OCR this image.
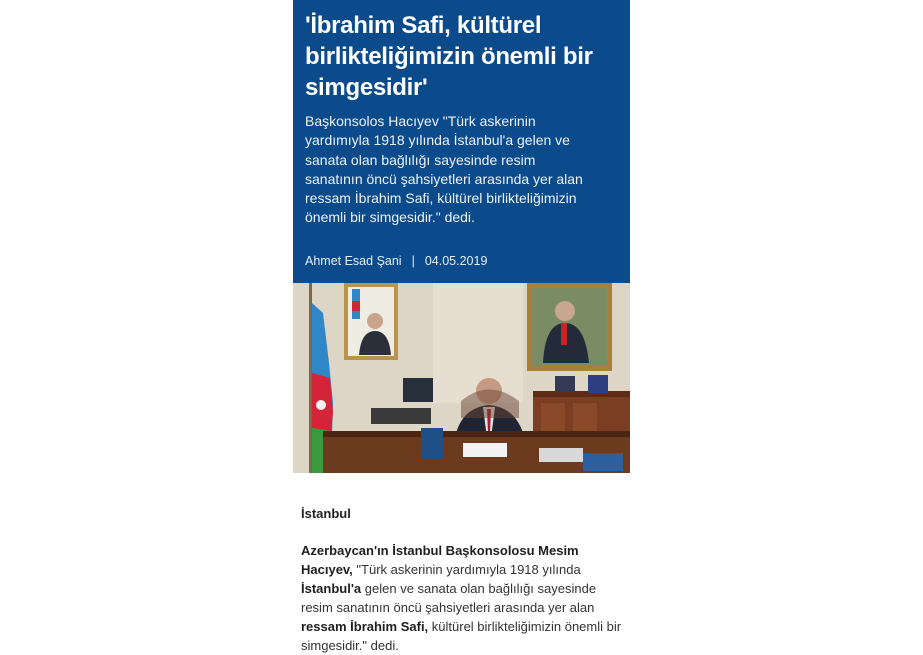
'İbrahim Safi, kültürel birlikteliğimizin önemli bir simgesidir'

Başkonsolos Hacıyev "Türk askerinin yardımıyla 1918 yılında İstanbul'a gelen ve sanata olan bağlılığı sayesinde resim sanatının öncü şahsiyetleri arasında yer alan ressam İbrahim Safi, kültürel birlikteliğimizin önemli bir simgesidir." dedi.

Ahmet Esad Şani | 04.05.2019

İstanbul

Azerbaycan'ın İstanbul Başkonsolosu Mesim Hacıyev, "Türk askerinin yardımıyla 1918 yılında İstanbul'a gelen ve sanata olan bağlılığı sayesinde resim sanatının öncü şahsiyetleri arasında yer alan ressam İbrahim Safi, kültürel birlikteliğimizin önemli bir simgesidir." dedi.
